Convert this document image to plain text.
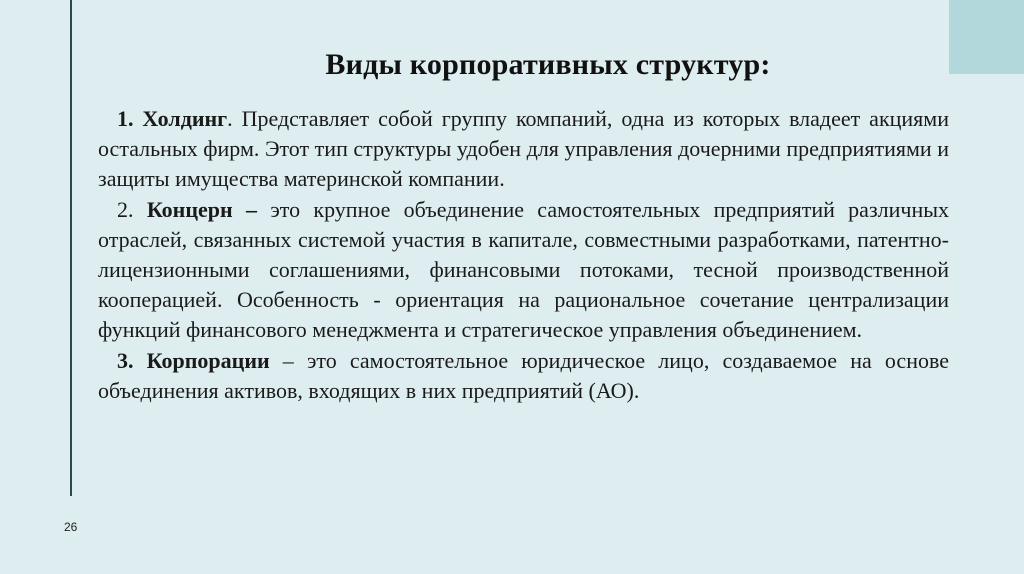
Виды корпоративных структур:

1. Холдинг. Представляет собой группу компаний, одна из которых владеет акциями остальных фирм. Этот тип структуры удобен для управления дочерними предприятиями и защиты имущества материнской компании.

2. Концерн – это крупное объединение самостоятельных предприятий различных отраслей, связанных системой участия в капитале, совместными разработками, патентно-лицензионными соглашениями, финансовыми потоками, тесной производственной кооперацией. Особенность - ориентация на рациональное сочетание централизации функций финансового менеджмента и стратегическое управления объединением.

3. Корпорации – это самостоятельное юридическое лицо, создаваемое на основе объединения активов, входящих в них предприятий (АО).

26
